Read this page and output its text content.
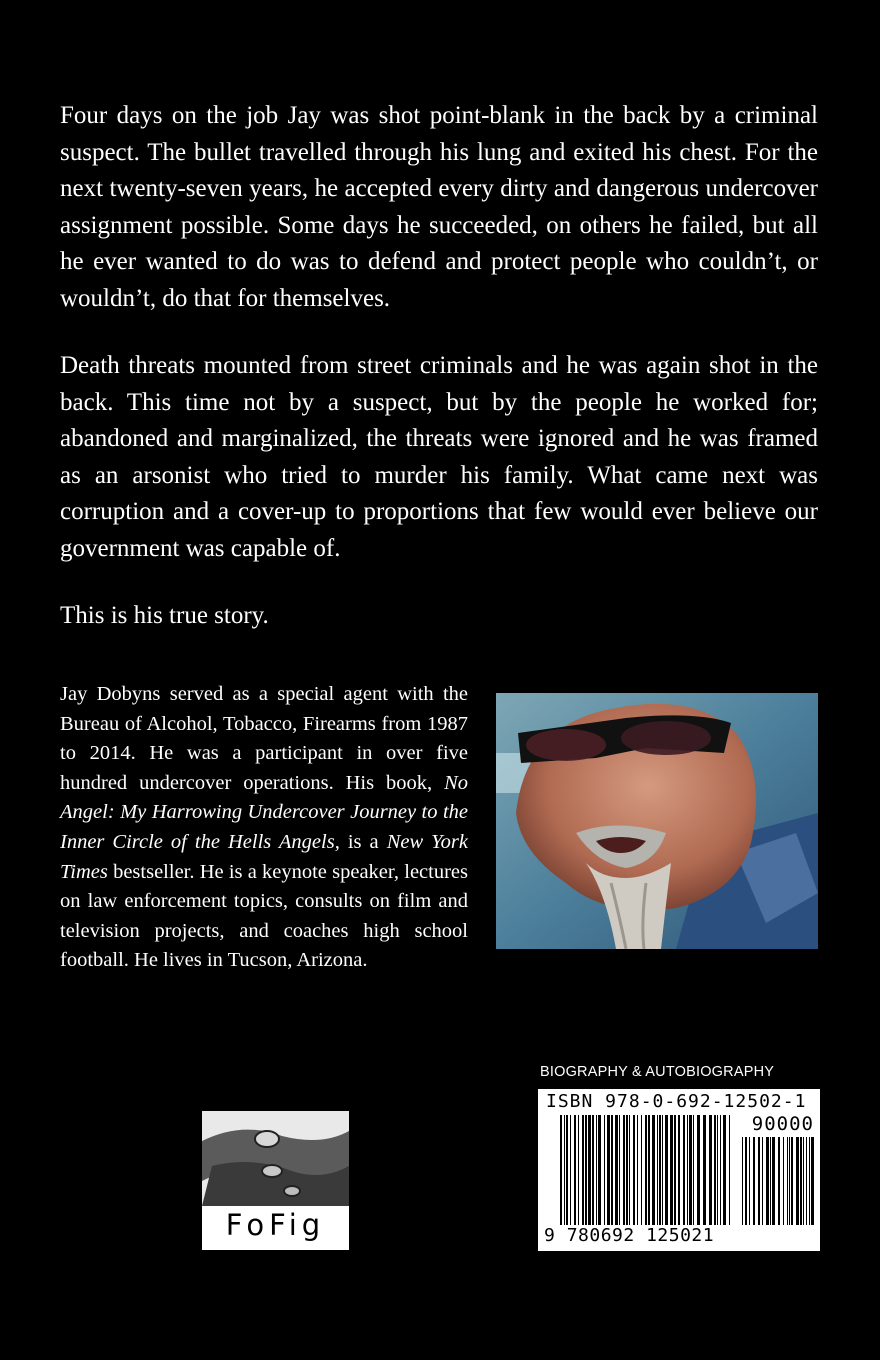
Four days on the job Jay was shot point-blank in the back by a criminal suspect. The bullet travelled through his lung and exited his chest. For the next twenty-seven years, he accepted every dirty and dangerous undercover assignment possible. Some days he succeeded, on others he failed, but all he ever wanted to do was to defend and protect people who couldn’t, or wouldn’t, do that for themselves.

Death threats mounted from street criminals and he was again shot in the back. This time not by a suspect, but by the people he worked for; abandoned and marginalized, the threats were ignored and he was framed as an arsonist who tried to murder his family. What came next was corruption and a cover-up to proportions that few would ever believe our government was capable of.

This is his true story.

Jay Dobyns served as a special agent with the Bureau of Alcohol, Tobacco, Firearms from 1987 to 2014. He was a participant in over five hundred undercover operations. His book, No Angel: My Harrowing Undercover Journey to the Inner Circle of the Hells Angels, is a New York Times bestseller. He is a keynote speaker, lectures on law enforcement topics, consults on film and television projects, and coaches high school football. He lives in Tucson, Arizona.

BIOGRAPHY & AUTOBIOGRAPHY
ISBN 978-0-692-12502-1
90000
9 780692 125021
FoFig
